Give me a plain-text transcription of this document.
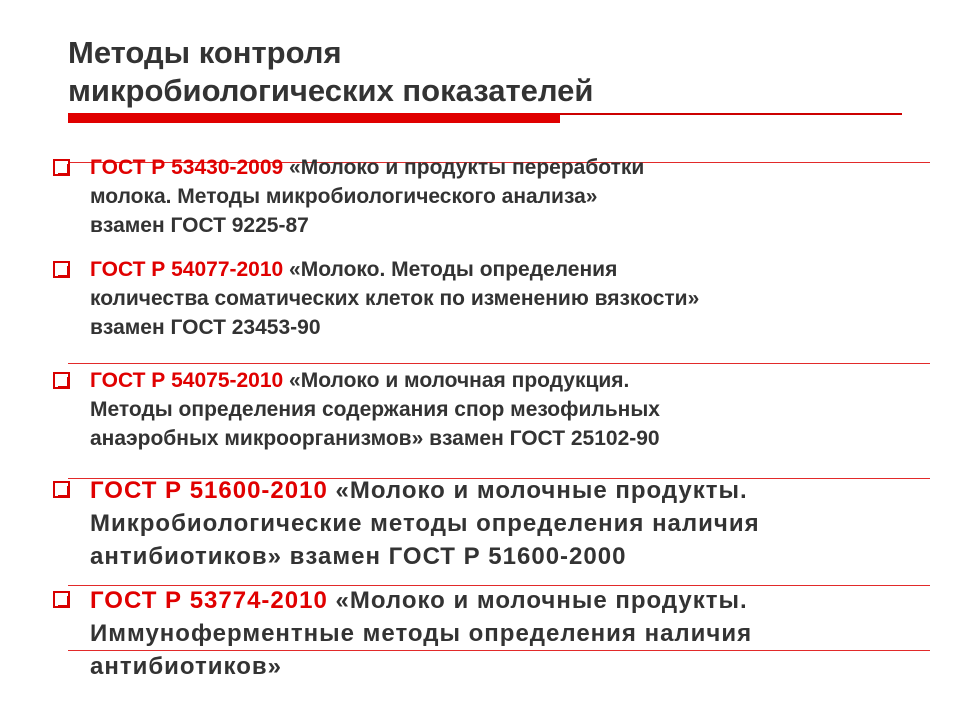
Методы контроля
микробиологических показателей
ГОСТ Р 53430-2009 «Молоко и продукты переработки
молока. Методы микробиологического анализа»
взамен ГОСТ 9225-87
ГОСТ Р 54077-2010 «Молоко. Методы определения
количества соматических клеток по изменению вязкости»
взамен ГОСТ 23453-90
ГОСТ Р 54075-2010 «Молоко и молочная продукция.
Методы определения содержания спор мезофильных
анаэробных микроорганизмов» взамен ГОСТ 25102-90
ГОСТ Р 51600-2010 «Молоко и молочные продукты.
Микробиологические методы определения наличия
антибиотиков» взамен ГОСТ Р 51600-2000
ГОСТ Р 53774-2010 «Молоко и молочные продукты.
Иммуноферментные методы определения наличия
антибиотиков»
